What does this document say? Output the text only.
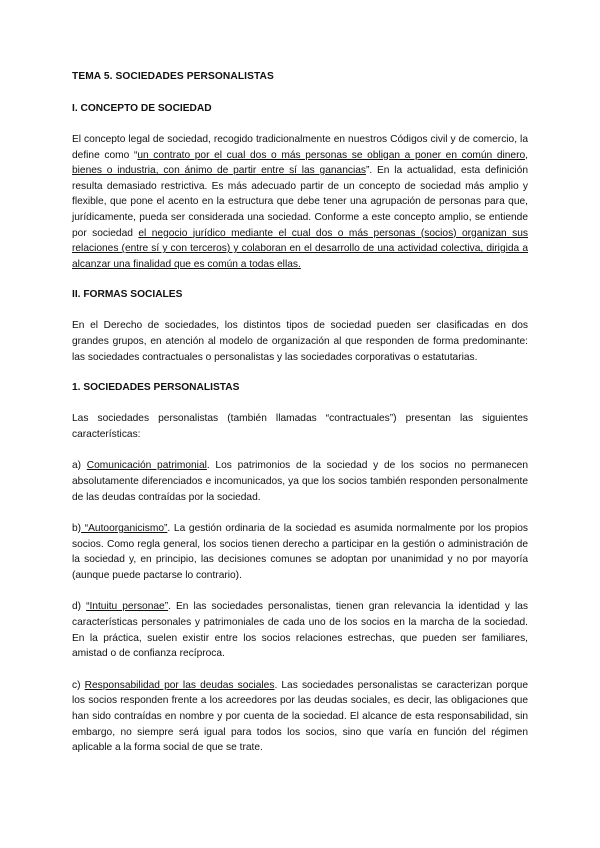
TEMA 5. SOCIEDADES PERSONALISTAS
I. CONCEPTO DE SOCIEDAD

El concepto legal de sociedad, recogido tradicionalmente en nuestros Códigos civil y de comercio, la define como “un contrato por el cual dos o más personas se obligan a poner en común dinero, bienes o industria, con ánimo de partir entre sí las ganancias”. En la actualidad, esta definición resulta demasiado restrictiva. Es más adecuado partir de un concepto de sociedad más amplio y flexible, que pone el acento en la estructura que debe tener una agrupación de personas para que, jurídicamente, pueda ser considerada una sociedad. Conforme a este concepto amplio, se entiende por sociedad el negocio jurídico mediante el cual dos o más personas (socios) organizan sus relaciones (entre sí y con terceros) y colaboran en el desarrollo de una actividad colectiva, dirigida a alcanzar una finalidad que es común a todas ellas.

II. FORMAS SOCIALES

En el Derecho de sociedades, los distintos tipos de sociedad pueden ser clasificadas en dos grandes grupos, en atención al modelo de organización al que responden de forma predominante: las sociedades contractuales o personalistas y las sociedades corporativas o estatutarias.

1. SOCIEDADES PERSONALISTAS

Las sociedades personalistas (también llamadas “contractuales”) presentan las siguientes características:

a) Comunicación patrimonial. Los patrimonios de la sociedad y de los socios no permanecen absolutamente diferenciados e incomunicados, ya que los socios también responden personalmente de las deudas contraídas por la sociedad.

b) “Autoorganicismo”. La gestión ordinaria de la sociedad es asumida normalmente por los propios socios. Como regla general, los socios tienen derecho a participar en la gestión o administración de la sociedad y, en principio, las decisiones comunes se adoptan por unanimidad y no por mayoría (aunque puede pactarse lo contrario).

d) “Intuitu personae”. En las sociedades personalistas, tienen gran relevancia la identidad y las características personales y patrimoniales de cada uno de los socios en la marcha de la sociedad. En la práctica, suelen existir entre los socios relaciones estrechas, que pueden ser familiares, amistad o de confianza recíproca.

c) Responsabilidad por las deudas sociales. Las sociedades personalistas se caracterizan porque los socios responden frente a los acreedores por las deudas sociales, es decir, las obligaciones que han sido contraídas en nombre y por cuenta de la sociedad. El alcance de esta responsabilidad, sin embargo, no siempre será igual para todos los socios, sino que varía en función del régimen aplicable a la forma social de que se trate.
